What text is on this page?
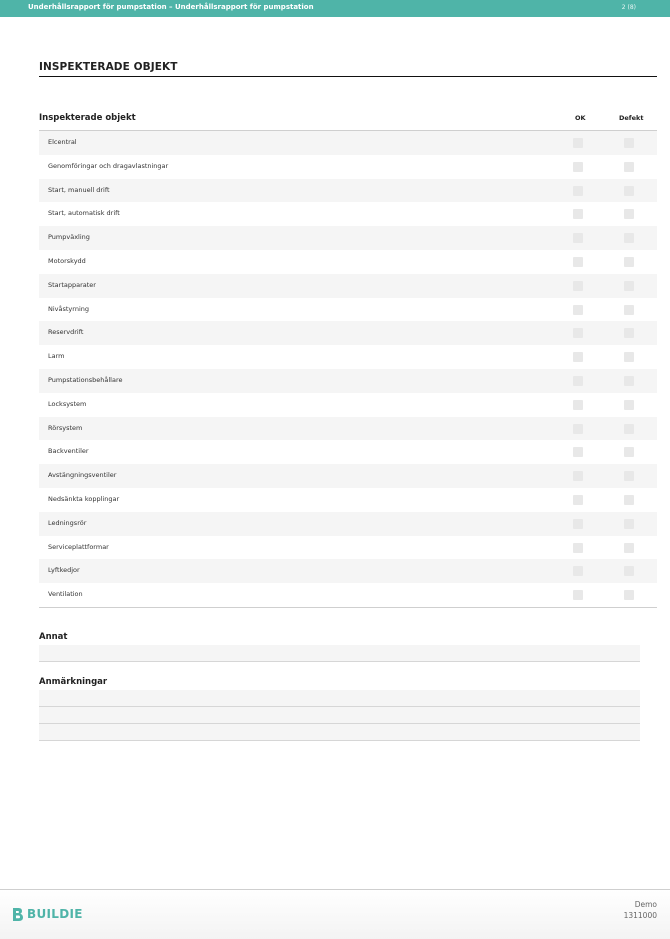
Underhållsrapport för pumpstation – Underhållsrapport för pumpstation	2 (8)
INSPEKTERADE OBJEKT
Inspekterade objekt	OK	Defekt
Elcentral
Genomföringar och dragavlastningar
Start, manuell drift
Start, automatisk drift
Pumpväxling
Motorskydd
Startapparater
Nivåstyrning
Reservdrift
Larm
Pumpstationsbehållare
Locksystem
Rörsystem
Backventiler
Avstängningsventiler
Nedsänkta kopplingar
Ledningsrör
Serviceplattformar
Lyftkedjor
Ventilation
Annat
Anmärkningar
BUILDIE
Demo
1311000
